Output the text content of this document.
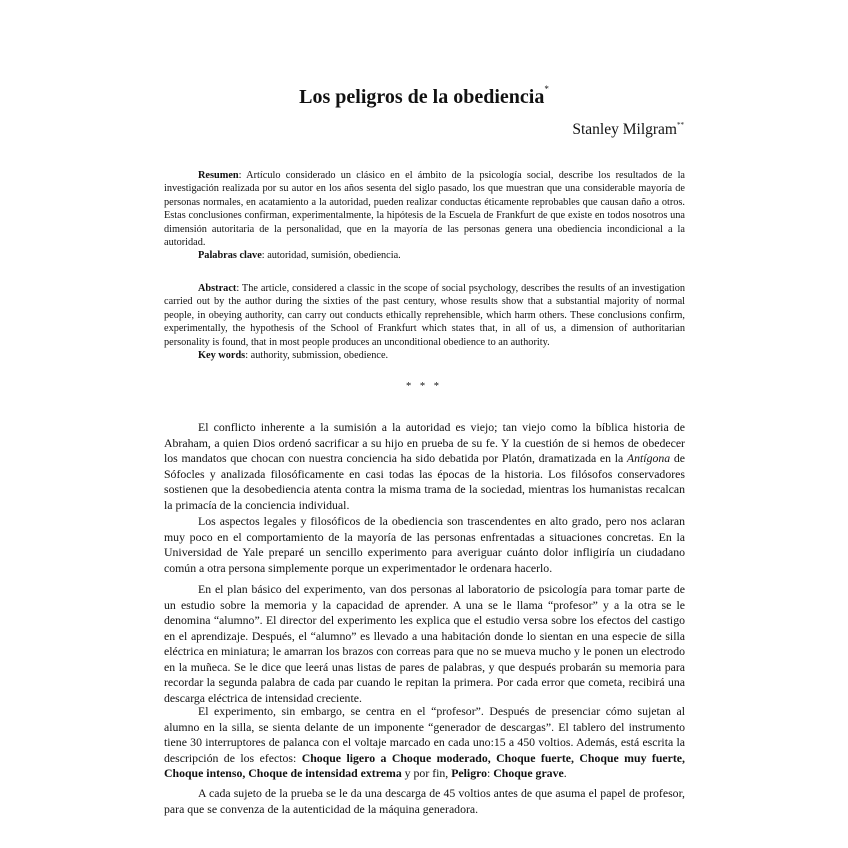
Los peligros de la obediencia*
Stanley Milgram**

Resumen: Artículo considerado un clásico en el ámbito de la psicología social, describe los resultados de la investigación realizada por su autor en los años sesenta del siglo pasado, los que muestran que una considerable mayoría de personas normales, en acatamiento a la autoridad, pueden realizar conductas éticamente reprobables que causan daño a otros. Estas conclusiones confirman, experimentalmente, la hipótesis de la Escuela de Frankfurt de que existe en todos nosotros una dimensión autoritaria de la personalidad, que en la mayoría de las personas genera una obediencia incondicional a la autoridad.

Palabras clave: autoridad, sumisión, obediencia.

Abstract: The article, considered a classic in the scope of social psychology, describes the results of an investigation carried out by the author during the sixties of the past century, whose results show that a substantial majority of normal people, in obeying authority, can carry out conducts ethically reprehensible, which harm others. These conclusions confirm, experimentally, the hypothesis of the School of Frankfurt which states that, in all of us, a dimension of authoritarian personality is found, that in most people produces an unconditional obedience to an authority.

Key words: authority, submission, obedience.
* * *

El conflicto inherente a la sumisión a la autoridad es viejo; tan viejo como la bíblica historia de Abraham, a quien Dios ordenó sacrificar a su hijo en prueba de su fe. Y la cuestión de si hemos de obedecer los mandatos que chocan con nuestra conciencia ha sido debatida por Platón, dramatizada en la Antígona de Sófocles y analizada filosóficamente en casi todas las épocas de la historia. Los filósofos conservadores sostienen que la desobediencia atenta contra la misma trama de la sociedad, mientras los humanistas recalcan la primacía de la conciencia individual.

Los aspectos legales y filosóficos de la obediencia son trascendentes en alto grado, pero nos aclaran muy poco en el comportamiento de la mayoría de las personas enfrentadas a situaciones concretas. En la Universidad de Yale preparé un sencillo experimento para averiguar cuánto dolor infligiría un ciudadano común a otra persona simplemente porque un experimentador le ordenara hacerlo.

En el plan básico del experimento, van dos personas al laboratorio de psicología para tomar parte de un estudio sobre la memoria y la capacidad de aprender. A una se le llama “profesor” y a la otra se le denomina “alumno”. El director del experimento les explica que el estudio versa sobre los efectos del castigo en el aprendizaje. Después, el “alumno” es llevado a una habitación donde lo sientan en una especie de silla eléctrica en miniatura; le amarran los brazos con correas para que no se mueva mucho y le ponen un electrodo en la muñeca. Se le dice que leerá unas listas de pares de palabras, y que después probarán su memoria para recordar la segunda palabra de cada par cuando le repitan la primera. Por cada error que cometa, recibirá una descarga eléctrica de intensidad creciente.

El experimento, sin embargo, se centra en el “profesor”. Después de presenciar cómo sujetan al alumno en la silla, se sienta delante de un imponente “generador de descargas”. El tablero del instrumento tiene 30 interruptores de palanca con el voltaje marcado en cada uno:15 a 450 voltios. Además, está escrita la descripción de los efectos: Choque ligero a Choque moderado, Choque fuerte, Choque muy fuerte, Choque intenso, Choque de intensidad extrema y por fin, Peligro: Choque grave.

A cada sujeto de la prueba se le da una descarga de 45 voltios antes de que asuma el papel de profesor, para que se convenza de la autenticidad de la máquina generadora.
